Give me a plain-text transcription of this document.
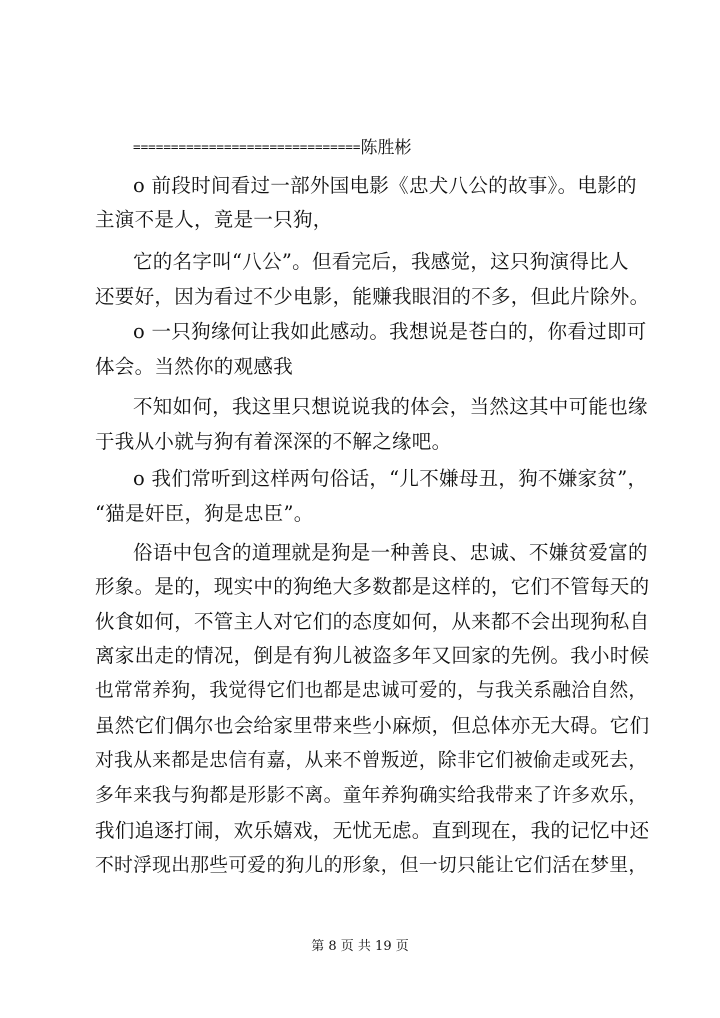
==============================陈胜彬
o 前段时间看过一部外国电影《忠犬八公的故事》。电影的
主演不是人，竟是一只狗，
它的名字叫“八公”。但看完后，我感觉，这只狗演得比人
还要好，因为看过不少电影，能赚我眼泪的不多，但此片除外。
o 一只狗缘何让我如此感动。我想说是苍白的，你看过即可
体会。当然你的观感我
不知如何，我这里只想说说我的体会，当然这其中可能也缘
于我从小就与狗有着深深的不解之缘吧。
o 我们常听到这样两句俗话，“儿不嫌母丑，狗不嫌家贫”，
“猫是奸臣，狗是忠臣”。
俗语中包含的道理就是狗是一种善良、忠诚、不嫌贫爱富的
形象。是的，现实中的狗绝大多数都是这样的，它们不管每天的
伙食如何，不管主人对它们的态度如何，从来都不会出现狗私自
离家出走的情况，倒是有狗儿被盗多年又回家的先例。我小时候
也常常养狗，我觉得它们也都是忠诚可爱的，与我关系融洽自然，
虽然它们偶尔也会给家里带来些小麻烦，但总体亦无大碍。它们
对我从来都是忠信有嘉，从来不曾叛逆，除非它们被偷走或死去，
多年来我与狗都是形影不离。童年养狗确实给我带来了许多欢乐，
我们追逐打闹，欢乐嬉戏，无忧无虑。直到现在，我的记忆中还
不时浮现出那些可爱的狗儿的形象，但一切只能让它们活在梦里，
第 8 页 共 19 页
